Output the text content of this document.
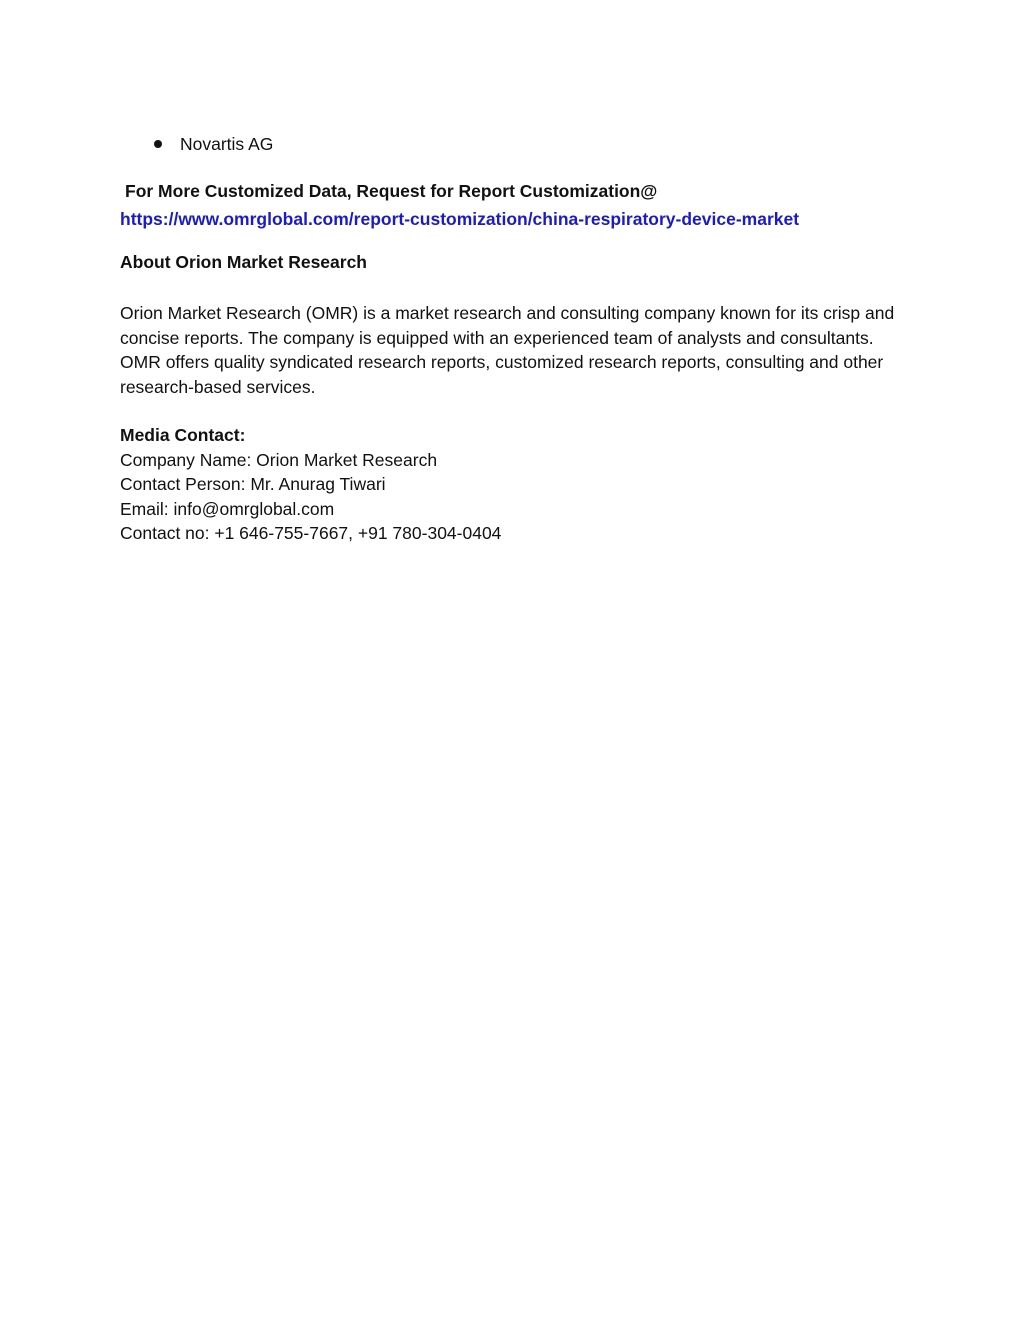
Novartis AG
For More Customized Data, Request for Report Customization@
https://www.omrglobal.com/report-customization/china-respiratory-device-market
About Orion Market Research
Orion Market Research (OMR) is a market research and consulting company known for its crisp and concise reports. The company is equipped with an experienced team of analysts and consultants. OMR offers quality syndicated research reports, customized research reports, consulting and other research-based services.
Media Contact:
Company Name: Orion Market Research
Contact Person: Mr. Anurag Tiwari
Email: info@omrglobal.com
Contact no: +1 646-755-7667, +91 780-304-0404
